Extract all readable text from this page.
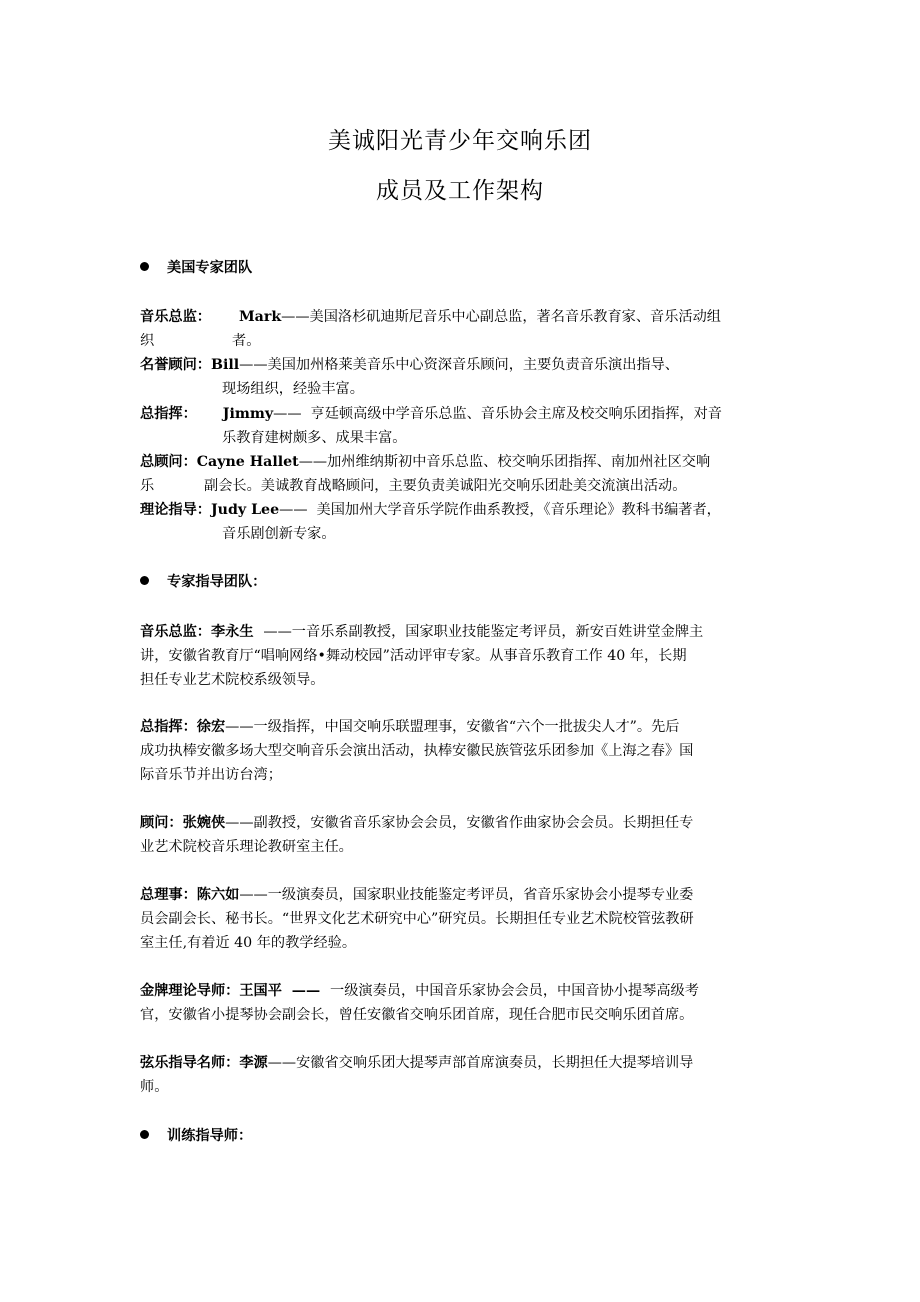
美诚阳光青少年交响乐团
成员及工作架构
美国专家团队
音乐总监： Mark——美国洛杉矶迪斯尼音乐中心副总监，著名音乐教育家、音乐活动组
织	者。
名誉顾问：Bill——美国加州格莱美音乐中心资深音乐顾问，主要负责音乐演出指导、
现场组织，经验丰富。
总指挥： Jimmy——  亨廷顿高级中学音乐总监、音乐协会主席及校交响乐团指挥，对音
乐教育建树颇多、成果丰富。
总顾问：Cayne Hallet——加州维纳斯初中音乐总监、校交响乐团指挥、南加州社区交响
乐	副会长。美诚教育战略顾问，主要负责美诚阳光交响乐团赴美交流演出活动。
理论指导：Judy Lee——  美国加州大学音乐学院作曲系教授，《音乐理论》教科书编著者，
音乐剧创新专家。
专家指导团队：
音乐总监：李永生  ——一音乐系副教授，国家职业技能鉴定考评员，新安百姓讲堂金牌主
讲，安徽省教育厅“唱响网络•舞动校园”活动评审专家。从事音乐教育工作 40 年，长期
担任专业艺术院校系级领导。
总指挥：徐宏——一级指挥，中国交响乐联盟理事，安徽省“六个一批拔尖人才”。先后
成功执棒安徽多场大型交响音乐会演出活动，执棒安徽民族管弦乐团参加《上海之春》国
际音乐节并出访台湾；
顾问：张婉侠——副教授，安徽省音乐家协会会员，安徽省作曲家协会会员。长期担任专
业艺术院校音乐理论教研室主任。
总理事：陈六如——一级演奏员，国家职业技能鉴定考评员，省音乐家协会小提琴专业委
员会副会长、秘书长。“世界文化艺术研究中心”研究员。长期担任专业艺术院校管弦教研
室主任,有着近 40 年的教学经验。
金牌理论导师：王国平  ——  一级演奏员，中国音乐家协会会员，中国音协小提琴高级考
官，安徽省小提琴协会副会长，曾任安徽省交响乐团首席，现任合肥市民交响乐团首席。
弦乐指导名师：李源——安徽省交响乐团大提琴声部首席演奏员，长期担任大提琴培训导
师。
训练指导师：
